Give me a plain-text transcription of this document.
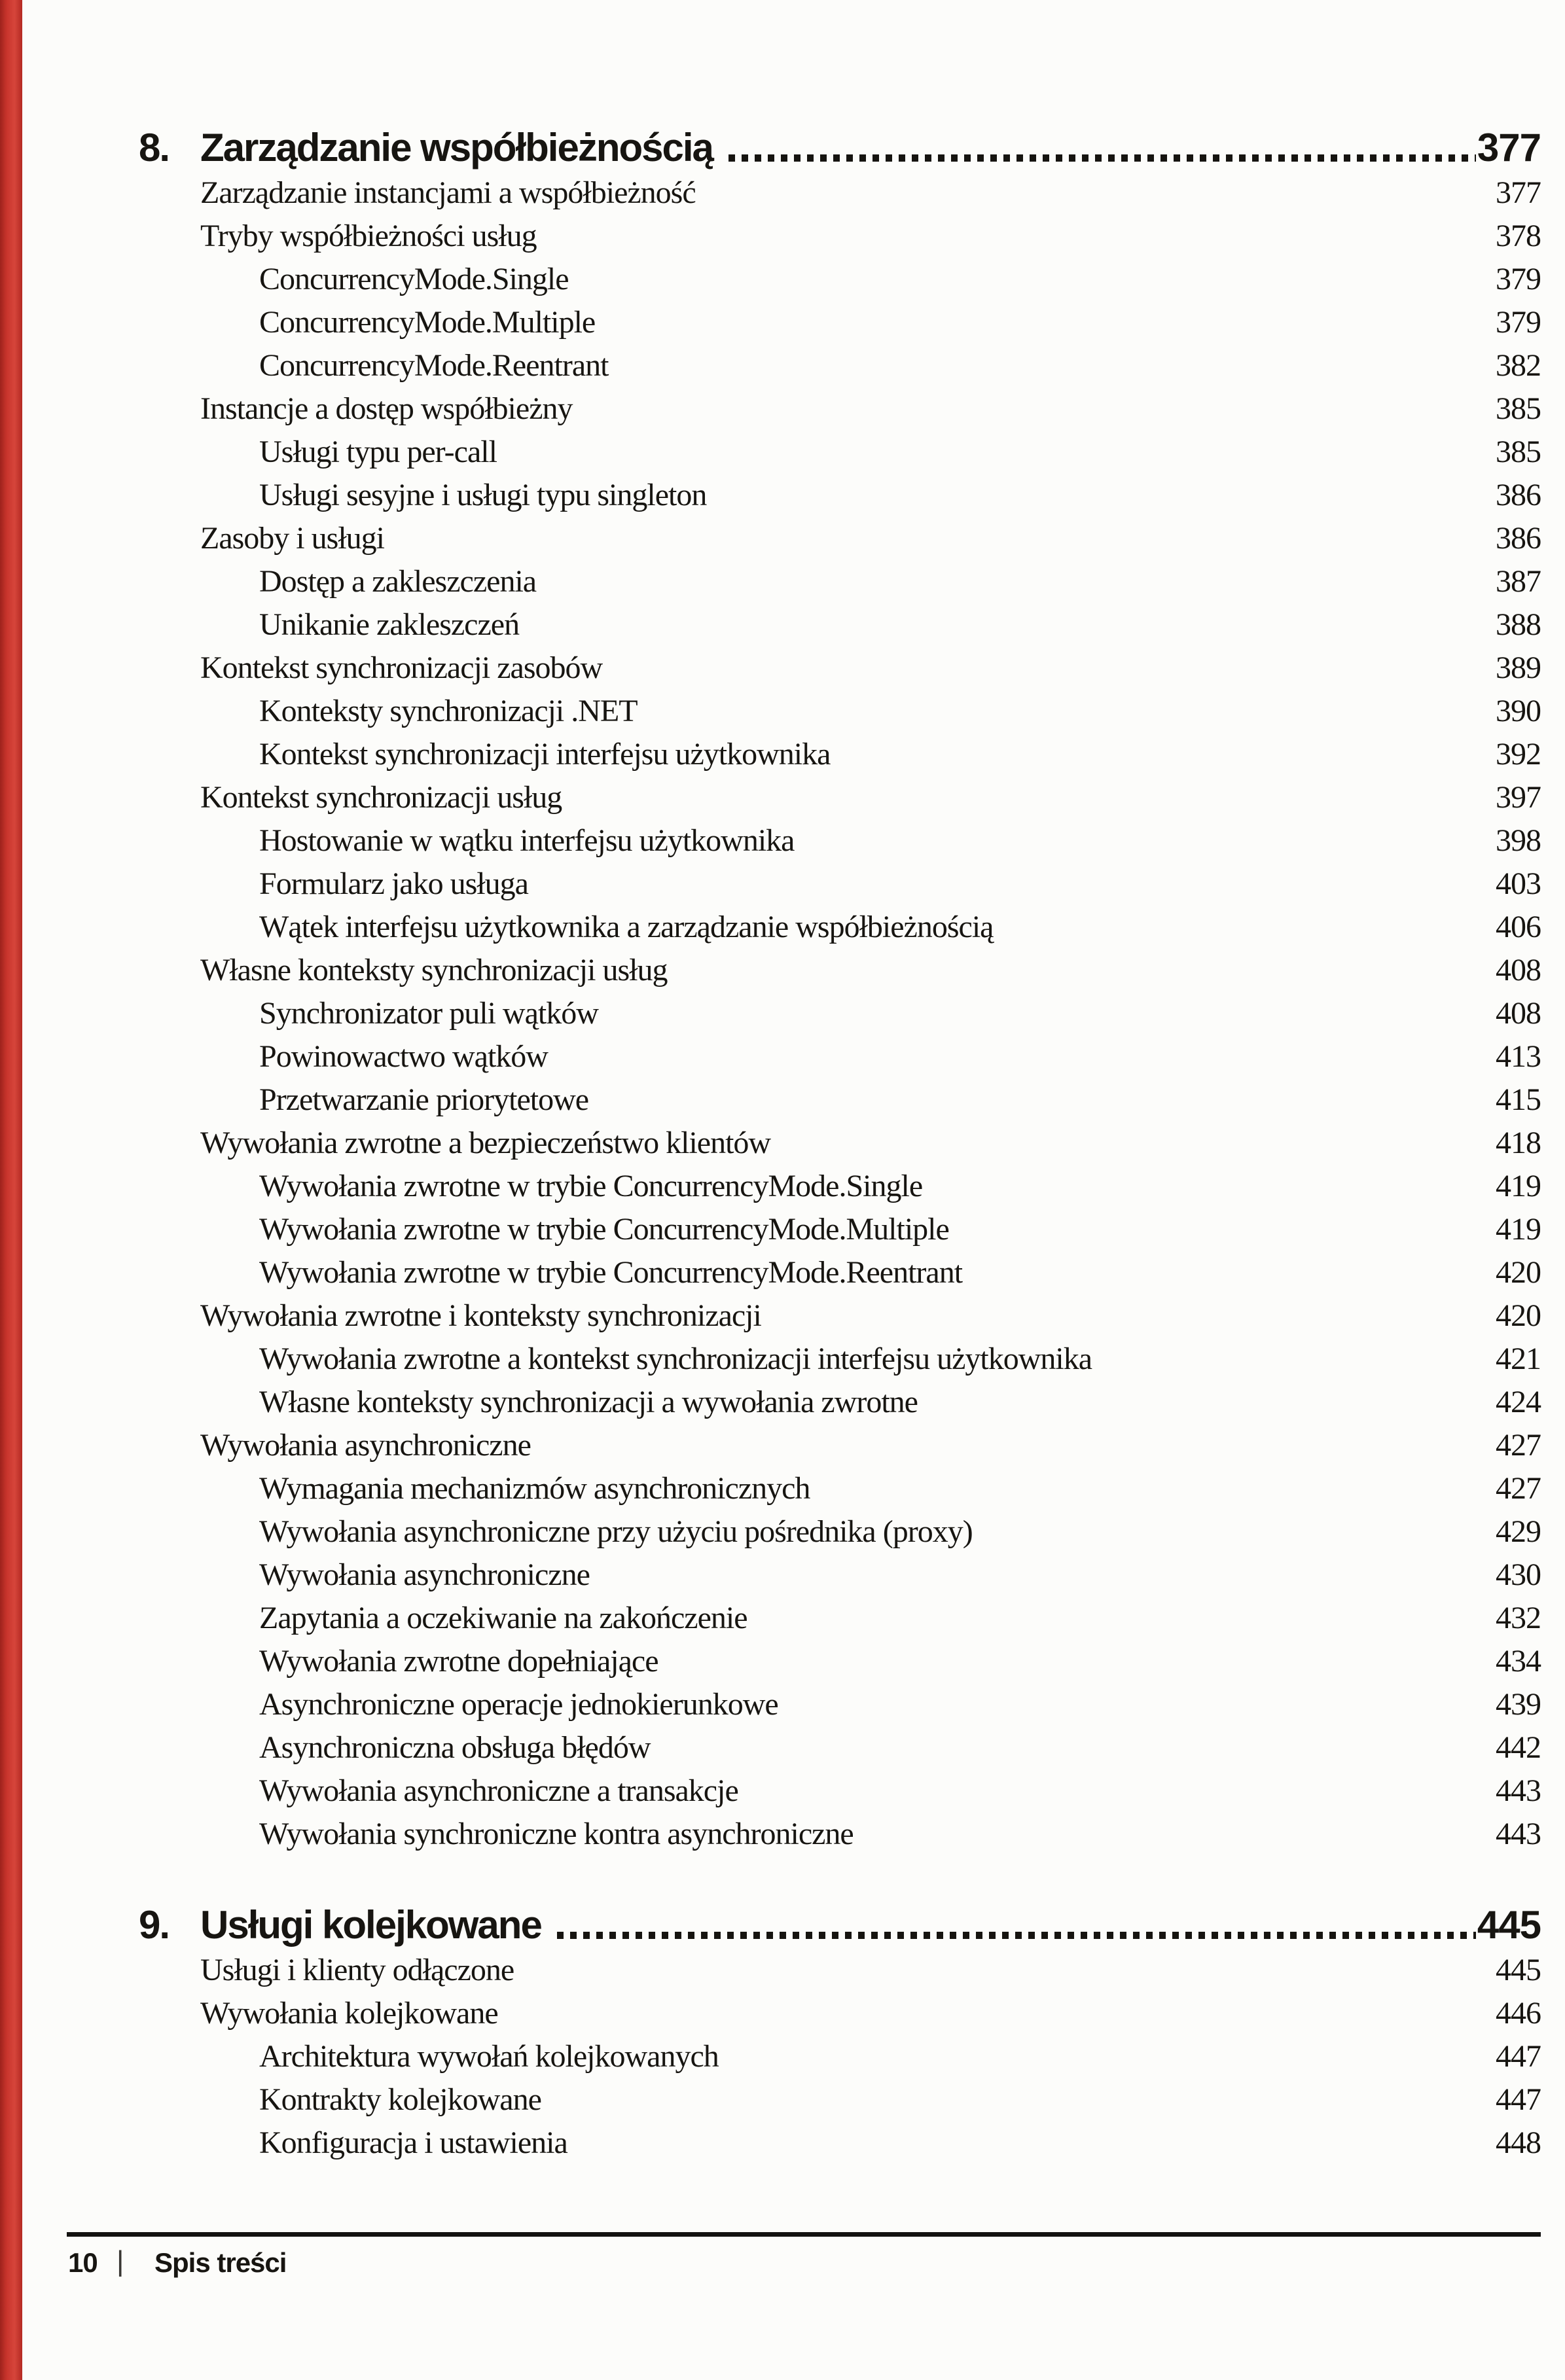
8. Zarządzanie współbieżnością	377
Zarządzanie instancjami a współbieżność	377
Tryby współbieżności usług	378
ConcurrencyMode.Single	379
ConcurrencyMode.Multiple	379
ConcurrencyMode.Reentrant	382
Instancje a dostęp współbieżny	385
Usługi typu per-call	385
Usługi sesyjne i usługi typu singleton	386
Zasoby i usługi	386
Dostęp a zakleszczenia	387
Unikanie zakleszczeń	388
Kontekst synchronizacji zasobów	389
Konteksty synchronizacji .NET	390
Kontekst synchronizacji interfejsu użytkownika	392
Kontekst synchronizacji usług	397
Hostowanie w wątku interfejsu użytkownika	398
Formularz jako usługa	403
Wątek interfejsu użytkownika a zarządzanie współbieżnością	406
Własne konteksty synchronizacji usług	408
Synchronizator puli wątków	408
Powinowactwo wątków	413
Przetwarzanie priorytetowe	415
Wywołania zwrotne a bezpieczeństwo klientów	418
Wywołania zwrotne w trybie ConcurrencyMode.Single	419
Wywołania zwrotne w trybie ConcurrencyMode.Multiple	419
Wywołania zwrotne w trybie ConcurrencyMode.Reentrant	420
Wywołania zwrotne i konteksty synchronizacji	420
Wywołania zwrotne a kontekst synchronizacji interfejsu użytkownika	421
Własne konteksty synchronizacji a wywołania zwrotne	424
Wywołania asynchroniczne	427
Wymagania mechanizmów asynchronicznych	427
Wywołania asynchroniczne przy użyciu pośrednika (proxy)	429
Wywołania asynchroniczne	430
Zapytania a oczekiwanie na zakończenie	432
Wywołania zwrotne dopełniające	434
Asynchroniczne operacje jednokierunkowe	439
Asynchroniczna obsługa błędów	442
Wywołania asynchroniczne a transakcje	443
Wywołania synchroniczne kontra asynchroniczne	443
9. Usługi kolejkowane	445
Usługi i klienty odłączone	445
Wywołania kolejkowane	446
Architektura wywołań kolejkowanych	447
Kontrakty kolejkowane	447
Konfiguracja i ustawienia	448
10 | Spis treści
